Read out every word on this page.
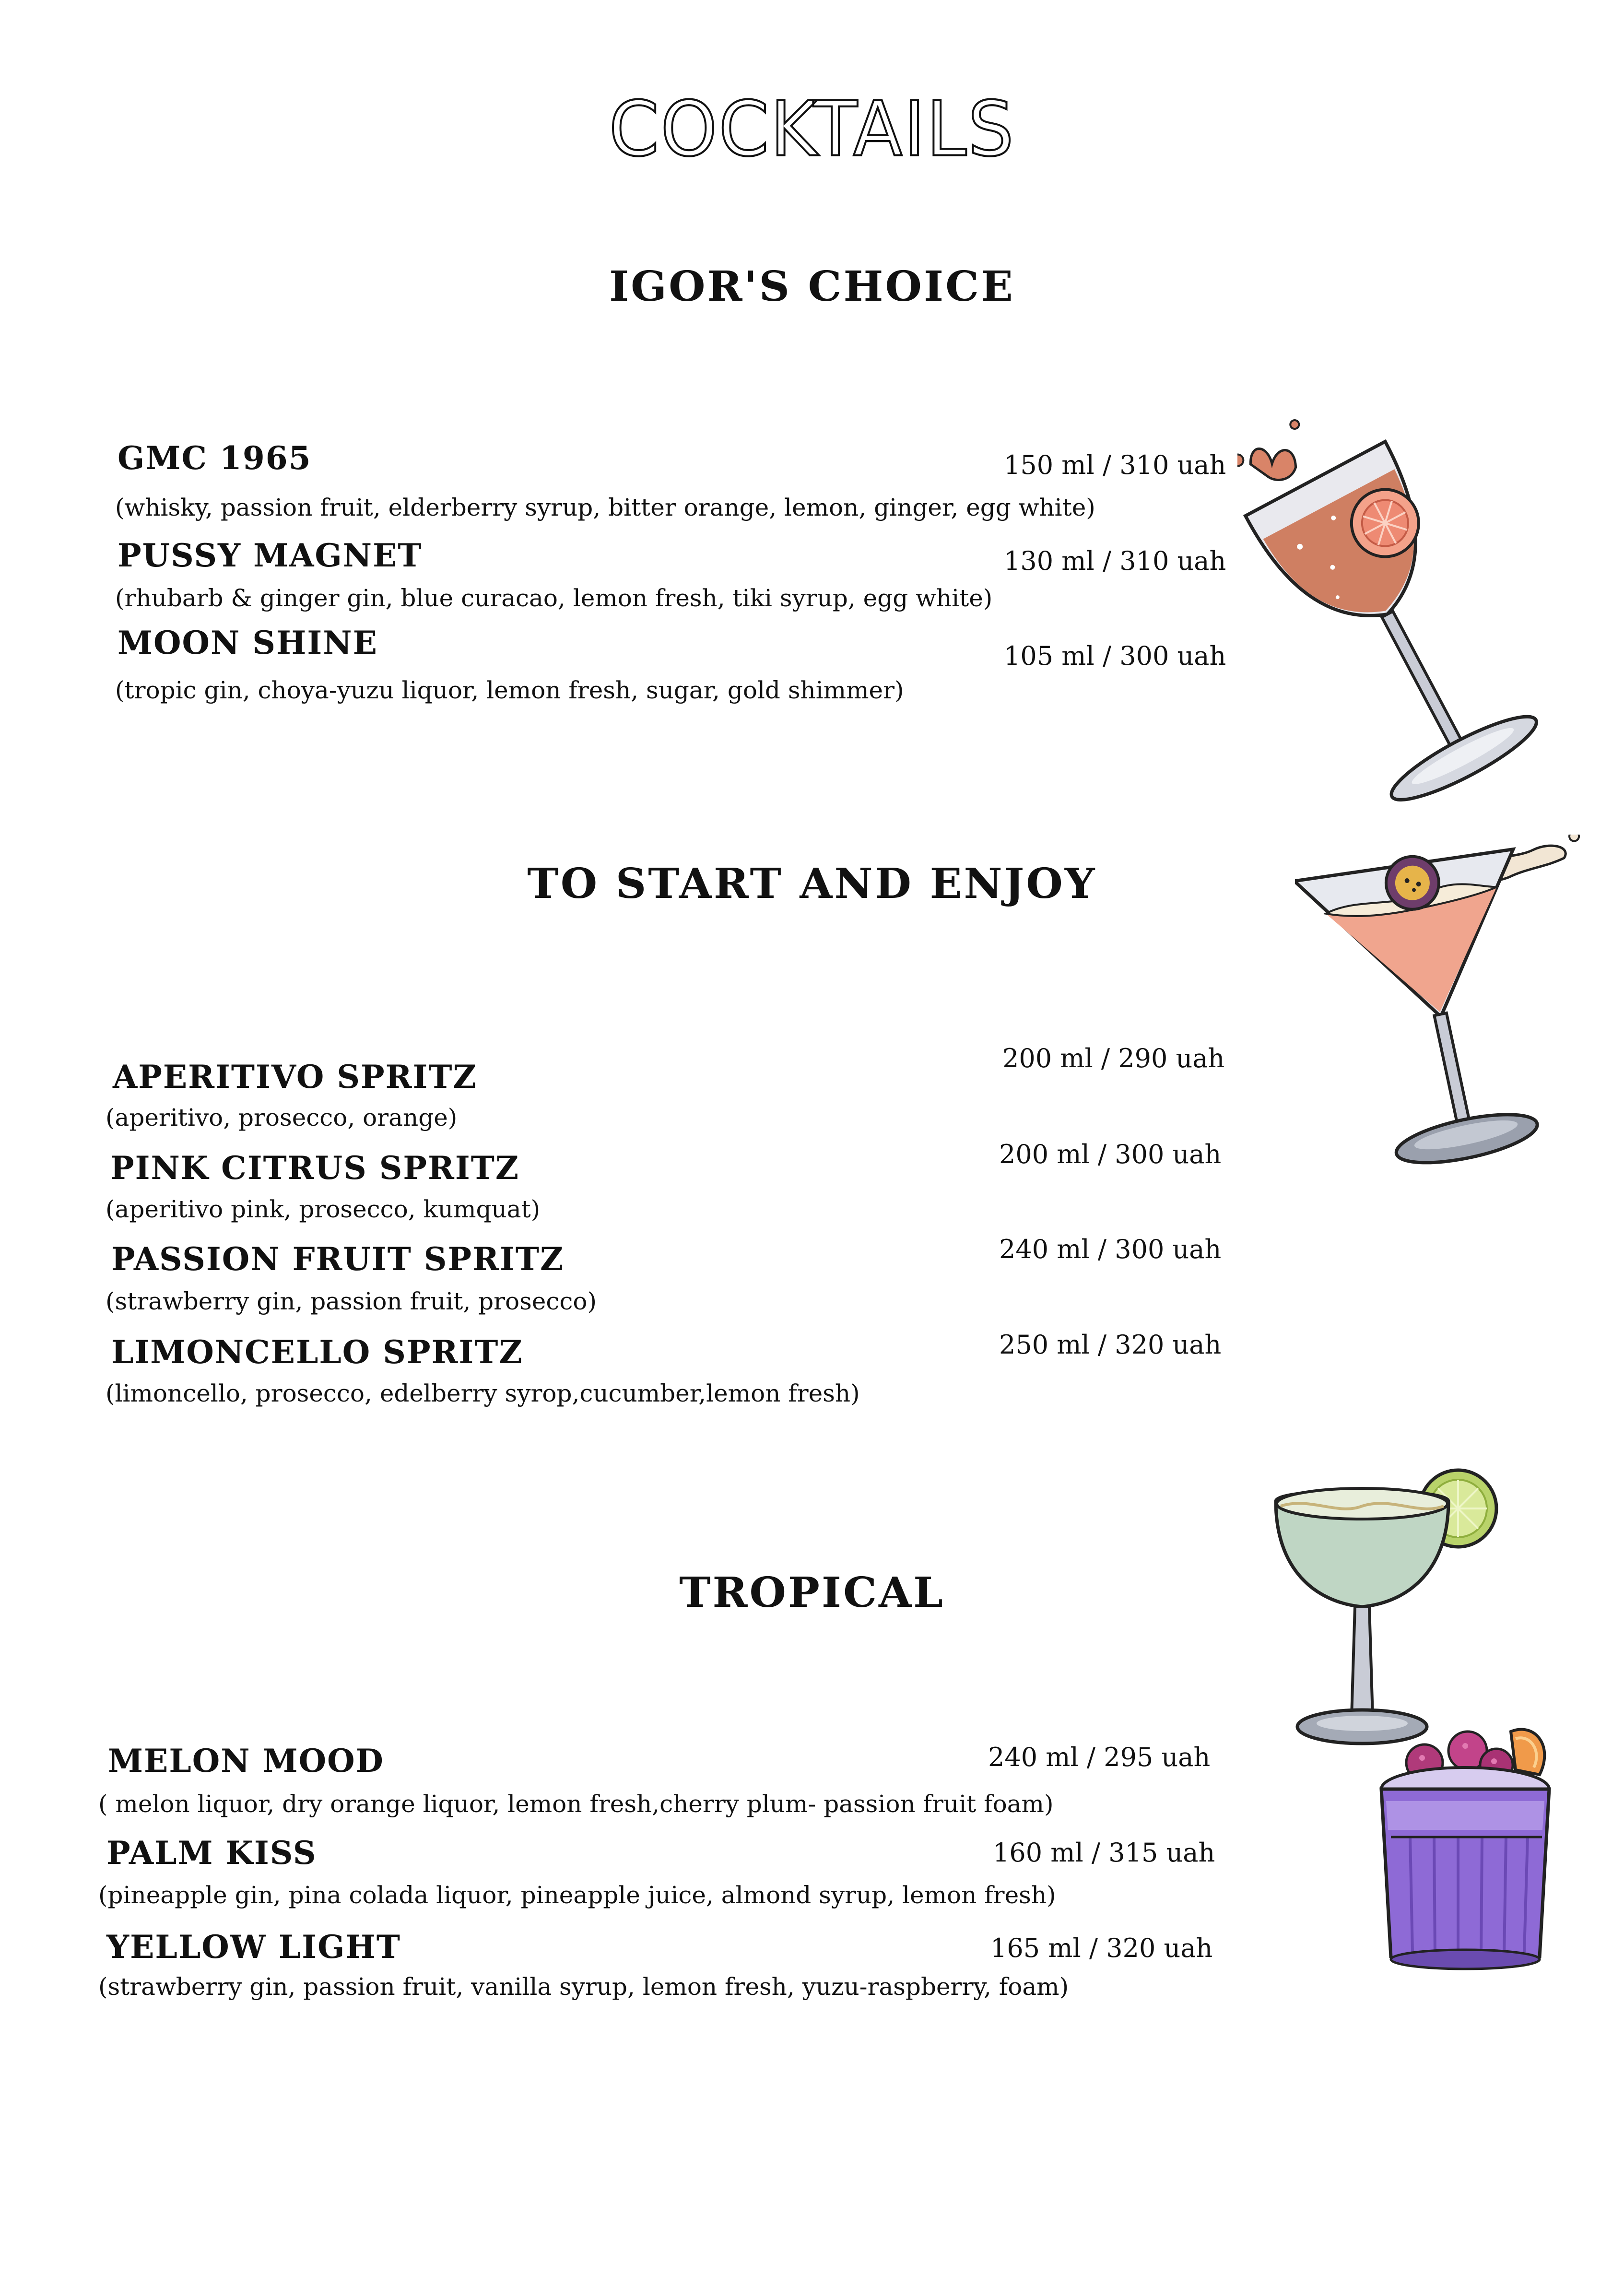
COCKTAILS
IGOR'S CHOICE
GMC 1965	150 ml / 310 uah
(whisky, passion fruit, elderberry syrup, bitter orange, lemon, ginger, egg white)
PUSSY MAGNET	130 ml / 310 uah
(rhubarb & ginger gin, blue curacao, lemon fresh, tiki syrup, egg white)
MOON SHINE	105 ml / 300 uah
(tropic gin, choya-yuzu liquor, lemon fresh, sugar, gold shimmer)
TO START AND ENJOY
APERITIVO SPRITZ	200 ml / 290 uah
(aperitivo, prosecco, orange)
PINK CITRUS SPRITZ	200 ml / 300 uah
(aperitivo pink, prosecco, kumquat)
PASSION FRUIT SPRITZ	240 ml / 300 uah
(strawberry gin, passion fruit, prosecco)
LIMONCELLO SPRITZ	250 ml / 320 uah
(limoncello, prosecco, edelberry syrop,cucumber,lemon fresh)
TROPICAL
MELON MOOD	240 ml / 295 uah
( melon liquor, dry orange liquor, lemon fresh,cherry plum- passion fruit foam)
PALM KISS	160 ml / 315 uah
(pineapple gin, pina colada liquor, pineapple juice, almond syrup, lemon fresh)
YELLOW LIGHT	165 ml / 320 uah
(strawberry gin, passion fruit, vanilla syrup, lemon fresh, yuzu-raspberry, foam)
